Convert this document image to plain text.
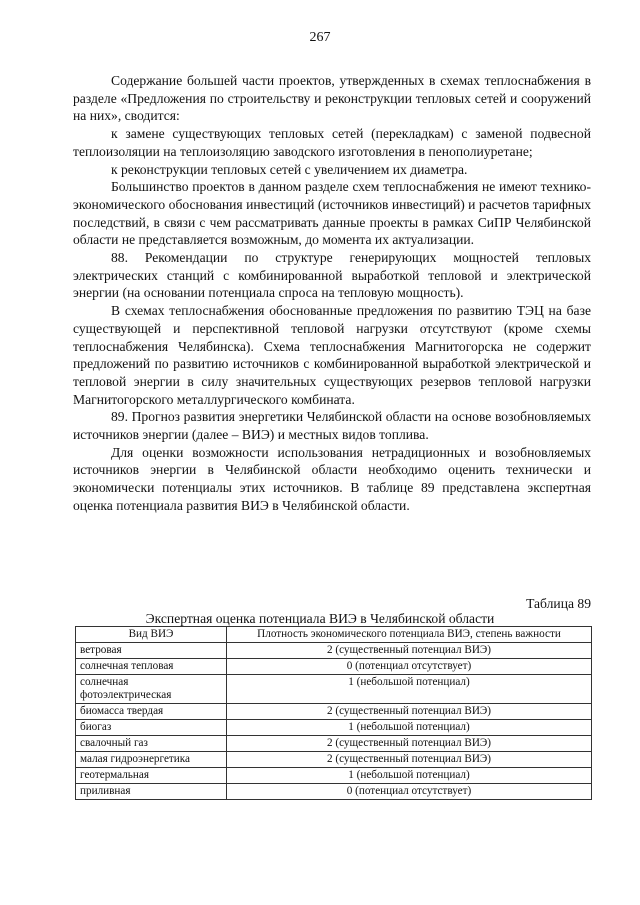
267

Содержание большей части проектов, утвержденных в схемах теплоснабжения в разделе «Предложения по строительству и реконструкции тепловых сетей и сооружений на них», сводится:

к замене существующих тепловых сетей (перекладкам) с заменой подвесной теплоизоляции на теплоизоляцию заводского изготовления в пенополиуретане;

к реконструкции тепловых сетей с увеличением их диаметра.

Большинство проектов в данном разделе схем теплоснабжения не имеют технико-экономического обоснования инвестиций (источников инвестиций) и расчетов тарифных последствий, в связи с чем рассматривать данные проекты в рамках СиПР Челябинской области не представляется возможным, до момента их актуализации.

88. Рекомендации по структуре генерирующих мощностей тепловых электрических станций с комбинированной выработкой тепловой и электрической энергии (на основании потенциала спроса на тепловую мощность).

В схемах теплоснабжения обоснованные предложения по развитию ТЭЦ на базе существующей и перспективной тепловой нагрузки отсутствуют (кроме схемы теплоснабжения Челябинска). Схема теплоснабжения Магнитогорска не содержит предложений по развитию источников с комбинированной выработкой электрической и тепловой энергии в силу значительных существующих резервов тепловой нагрузки Магнитогорского металлургического комбината.

89. Прогноз развития энергетики Челябинской области на основе возобновляемых источников энергии (далее – ВИЭ) и местных видов топлива.

Для оценки возможности использования нетрадиционных и возобновляемых источников энергии в Челябинской области необходимо оценить технически и экономически потенциалы этих источников. В таблице 89 представлена экспертная оценка потенциала развития ВИЭ в Челябинской области.

Таблица 89
Экспертная оценка потенциала ВИЭ в Челябинской области
Вид ВИЭ	Плотность экономического потенциала ВИЭ, степень важности
ветровая	2 (существенный потенциал ВИЭ)
солнечная тепловая	0 (потенциал отсутствует)
солнечная фотоэлектрическая	1 (небольшой потенциал)
биомасса твердая	2 (существенный потенциал ВИЭ)
биогаз	1 (небольшой потенциал)
свалочный газ	2 (существенный потенциал ВИЭ)
малая гидроэнергетика	2 (существенный потенциал ВИЭ)
геотермальная	1 (небольшой потенциал)
приливная	0 (потенциал отсутствует)
